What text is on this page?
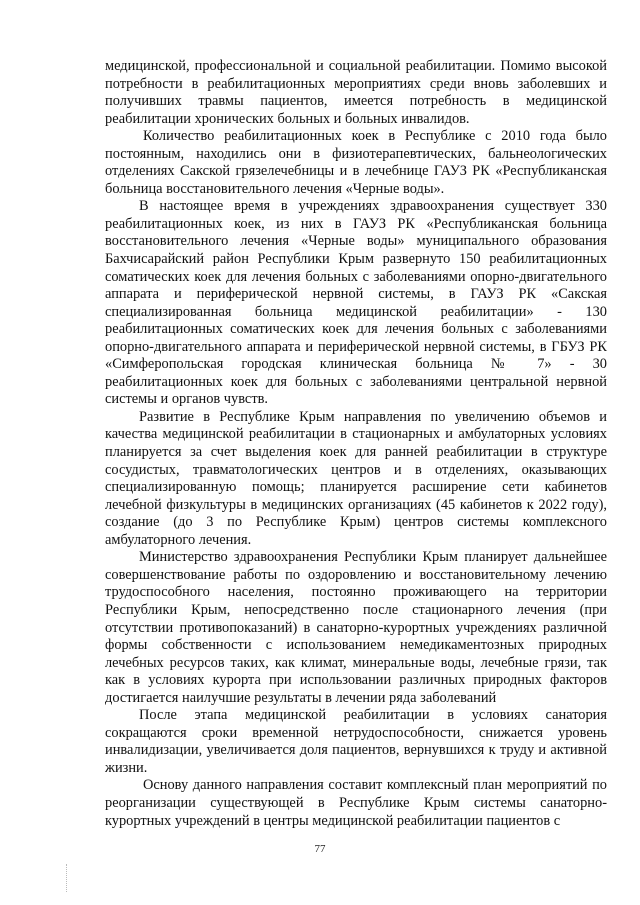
медицинской, профессиональной и социальной реабилитации. Помимо высокой потребности в реабилитационных мероприятиях среди вновь заболевших и получивших травмы пациентов, имеется потребность в медицинской реабилитации хронических больных и больных инвалидов.

Количество реабилитационных коек в Республике с 2010 года было постоянным, находились они в физиотерапевтических, бальнеологических отделениях Сакской грязелечебницы и в лечебнице ГАУЗ РК «Республиканская больница восстановительного лечения «Черные воды».

В настоящее время в учреждениях здравоохранения существует 330 реабилитационных коек, из них в ГАУЗ РК «Республиканская больница восстановительного лечения «Черные воды» муниципального образования Бахчисарайский район Республики Крым развернуто 150 реабилитационных соматических коек для лечения больных с заболеваниями опорно-двигательного аппарата и периферической нервной системы, в ГАУЗ РК «Сакская специализированная больница медицинской реабилитации» - 130 реабилитационных соматических коек для лечения больных с заболеваниями опорно-двигательного аппарата и периферической нервной системы, в ГБУЗ РК «Симферопольская городская клиническая больница № 7» - 30 реабилитационных коек для больных с заболеваниями центральной нервной системы и органов чувств.

Развитие в Республике Крым направления по увеличению объемов и качества медицинской реабилитации в стационарных и амбулаторных условиях планируется за счет выделения коек для ранней реабилитации в структуре сосудистых, травматологических центров и в отделениях, оказывающих специализированную помощь; планируется расширение сети кабинетов лечебной физкультуры в медицинских организациях (45 кабинетов к 2022 году), создание (до 3 по Республике Крым) центров системы комплексного амбулаторного лечения.

Министерство здравоохранения Республики Крым планирует дальнейшее совершенствование работы по оздоровлению и восстановительному лечению трудоспособного населения, постоянно проживающего на территории Республики Крым, непосредственно после стационарного лечения (при отсутствии противопоказаний) в санаторно-курортных учреждениях различной формы собственности с использованием немедикаментозных природных лечебных ресурсов таких, как климат, минеральные воды, лечебные грязи, так как в условиях курорта при использовании различных природных факторов достигается наилучшие результаты в лечении ряда заболеваний

После этапа медицинской реабилитации в условиях санатория сокращаются сроки временной нетрудоспособности, снижается уровень инвалидизации, увеличивается доля пациентов, вернувшихся к труду и активной жизни.

Основу данного направления составит комплексный план мероприятий по реорганизации существующей в Республике Крым системы санаторно-курортных учреждений в центры медицинской реабилитации пациентов с

77
